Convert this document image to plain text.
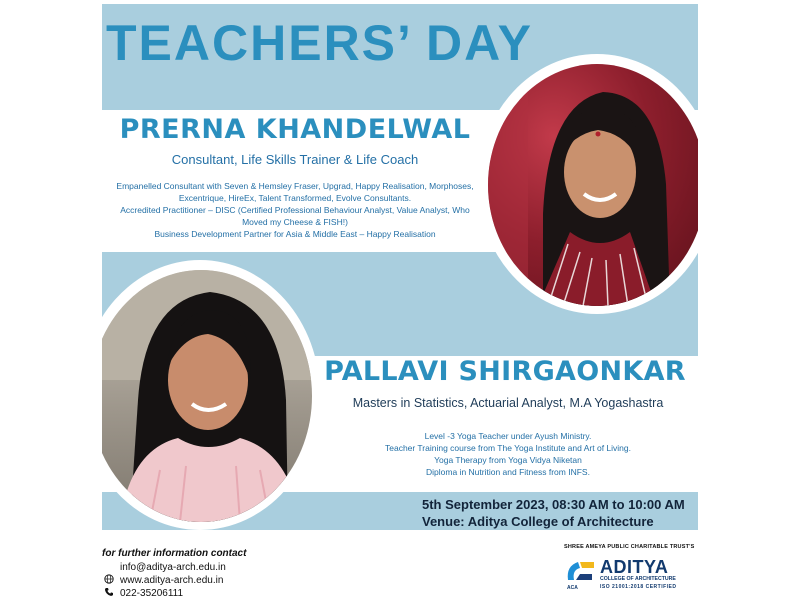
TEACHERS’ DAY
PRERNA KHANDELWAL
Consultant, Life Skills Trainer & Life Coach
Empanelled Consultant with Seven & Hemsley Fraser, Upgrad, Happy Realisation, Morphoses,
Excentrique, HireEx, Talent Transformed, Evolve Consultants.
Accredited Practitioner – DISC (Certified Professional Behaviour Analyst, Value Analyst, Who
Moved my Cheese & FISH!)
Business Development Partner for Asia & Middle East – Happy Realisation
PALLAVI SHIRGAONKAR
Masters in Statistics, Actuarial Analyst, M.A Yogashastra
Level -3 Yoga Teacher under Ayush Ministry.
Teacher Training course from The Yoga Institute and Art of Living.
Yoga Therapy from Yoga Vidya Niketan
Diploma in Nutrition and Fitness from INFS.
5th September 2023, 08:30 AM to 10:00 AM
Venue: Aditya College of Architecture
for further information contact
info@aditya-arch.edu.in
www.aditya-arch.edu.in
022-35206111
SHREE AMEYA PUBLIC CHARITABLE TRUST'S
ACA
ADITYA
COLLEGE OF ARCHITECTURE
ISO 21001:2018 CERTIFIED
